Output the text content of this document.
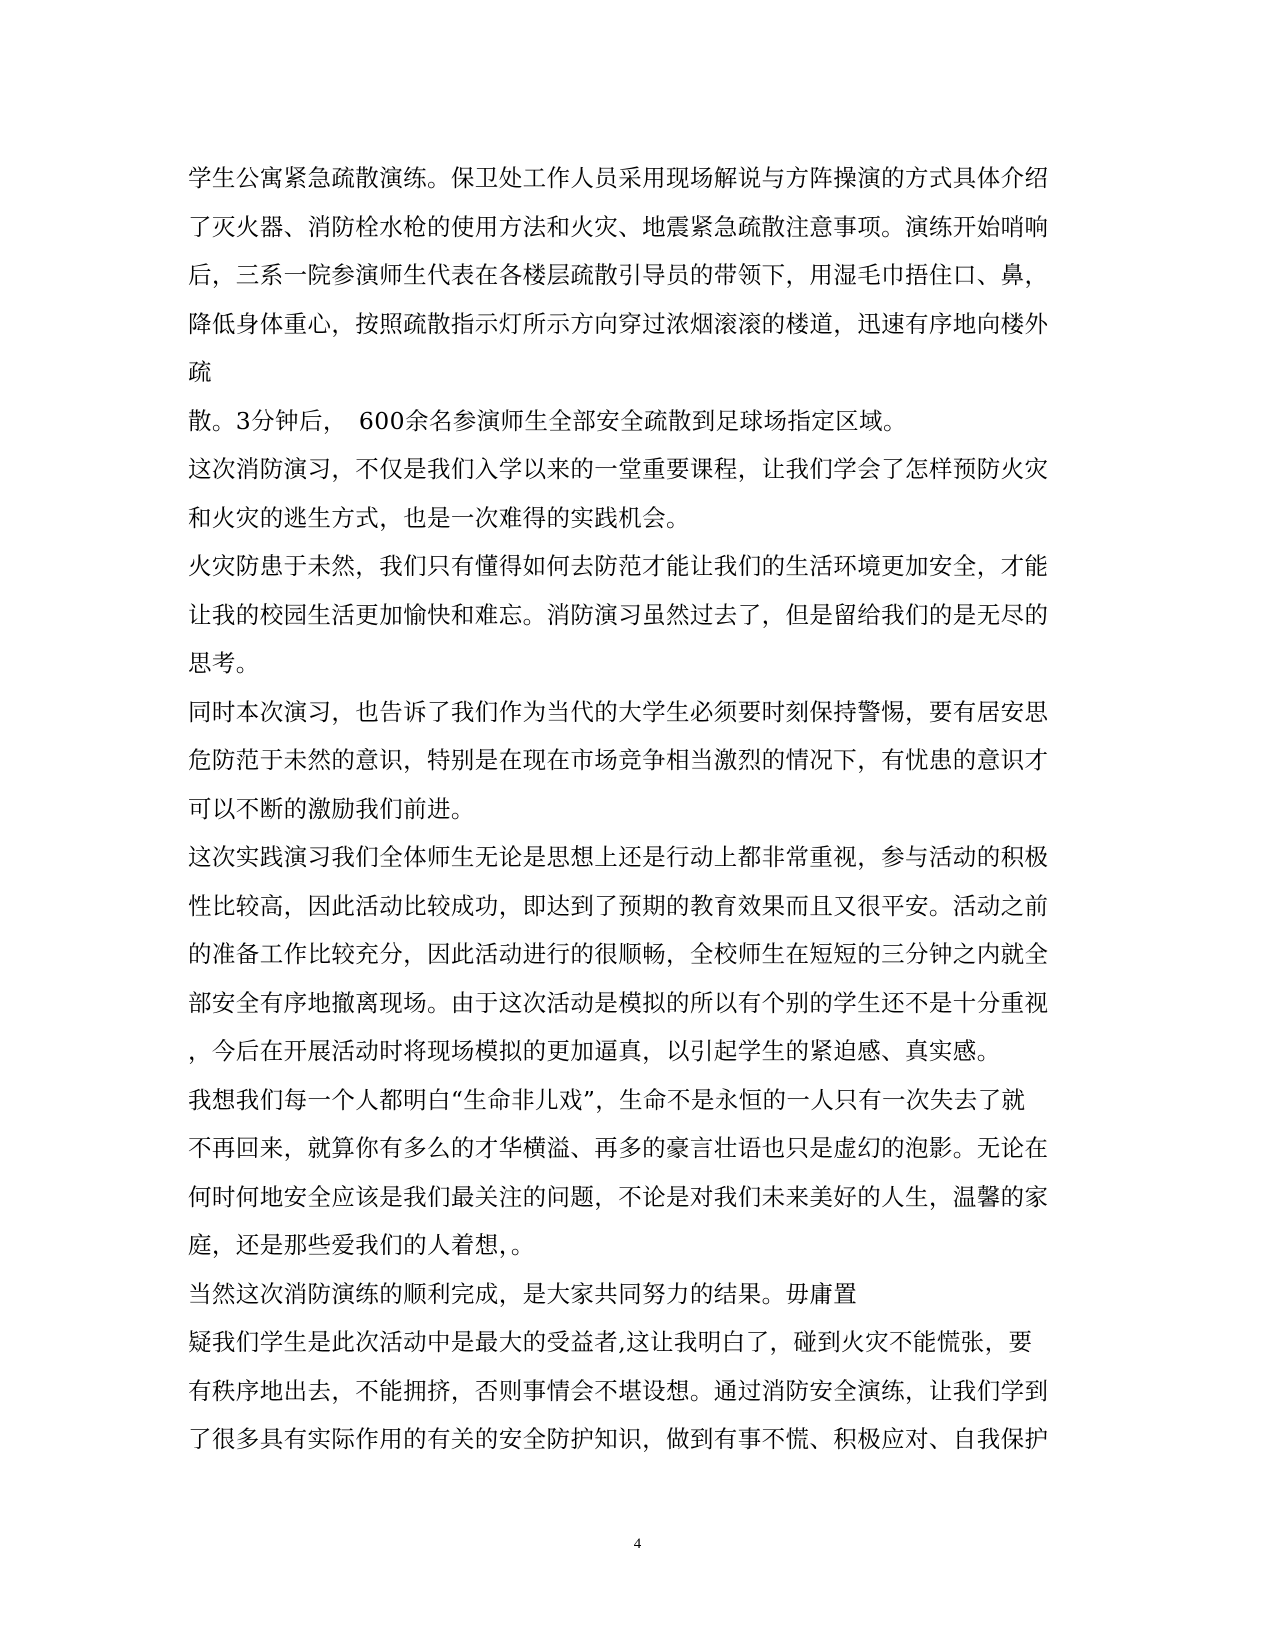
学生公寓紧急疏散演练。保卫处工作人员采用现场解说与方阵操演的方式具体介绍
了灭火器、消防栓水枪的使用方法和火灾、地震紧急疏散注意事项。演练开始哨响
后，三系一院参演师生代表在各楼层疏散引导员的带领下，用湿毛巾捂住口、鼻，
降低身体重心，按照疏散指示灯所示方向穿过浓烟滚滚的楼道，迅速有序地向楼外
疏
散。3分钟后，　600余名参演师生全部安全疏散到足球场指定区域。
这次消防演习，不仅是我们入学以来的一堂重要课程，让我们学会了怎样预防火灾
和火灾的逃生方式，也是一次难得的实践机会。
火灾防患于未然，我们只有懂得如何去防范才能让我们的生活环境更加安全，才能
让我的校园生活更加愉快和难忘。消防演习虽然过去了，但是留给我们的是无尽的
思考。
同时本次演习，也告诉了我们作为当代的大学生必须要时刻保持警惕，要有居安思
危防范于未然的意识，特别是在现在市场竞争相当激烈的情况下，有忧患的意识才
可以不断的激励我们前进。
这次实践演习我们全体师生无论是思想上还是行动上都非常重视，参与活动的积极
性比较高，因此活动比较成功，即达到了预期的教育效果而且又很平安。活动之前
的准备工作比较充分，因此活动进行的很顺畅，全校师生在短短的三分钟之内就全
部安全有序地撤离现场。由于这次活动是模拟的所以有个别的学生还不是十分重视
，今后在开展活动时将现场模拟的更加逼真，以引起学生的紧迫感、真实感。
我想我们每一个人都明白“生命非儿戏”，生命不是永恒的一人只有一次失去了就
不再回来，就算你有多么的才华横溢、再多的豪言壮语也只是虚幻的泡影。无论在
何时何地安全应该是我们最关注的问题，不论是对我们未来美好的人生，温馨的家
庭，还是那些爱我们的人着想，。
当然这次消防演练的顺利完成，是大家共同努力的结果。毋庸置
疑我们学生是此次活动中是最大的受益者,这让我明白了，碰到火灾不能慌张，要
有秩序地出去，不能拥挤，否则事情会不堪设想。通过消防安全演练，让我们学到
了很多具有实际作用的有关的安全防护知识，做到有事不慌、积极应对、自我保护
4
